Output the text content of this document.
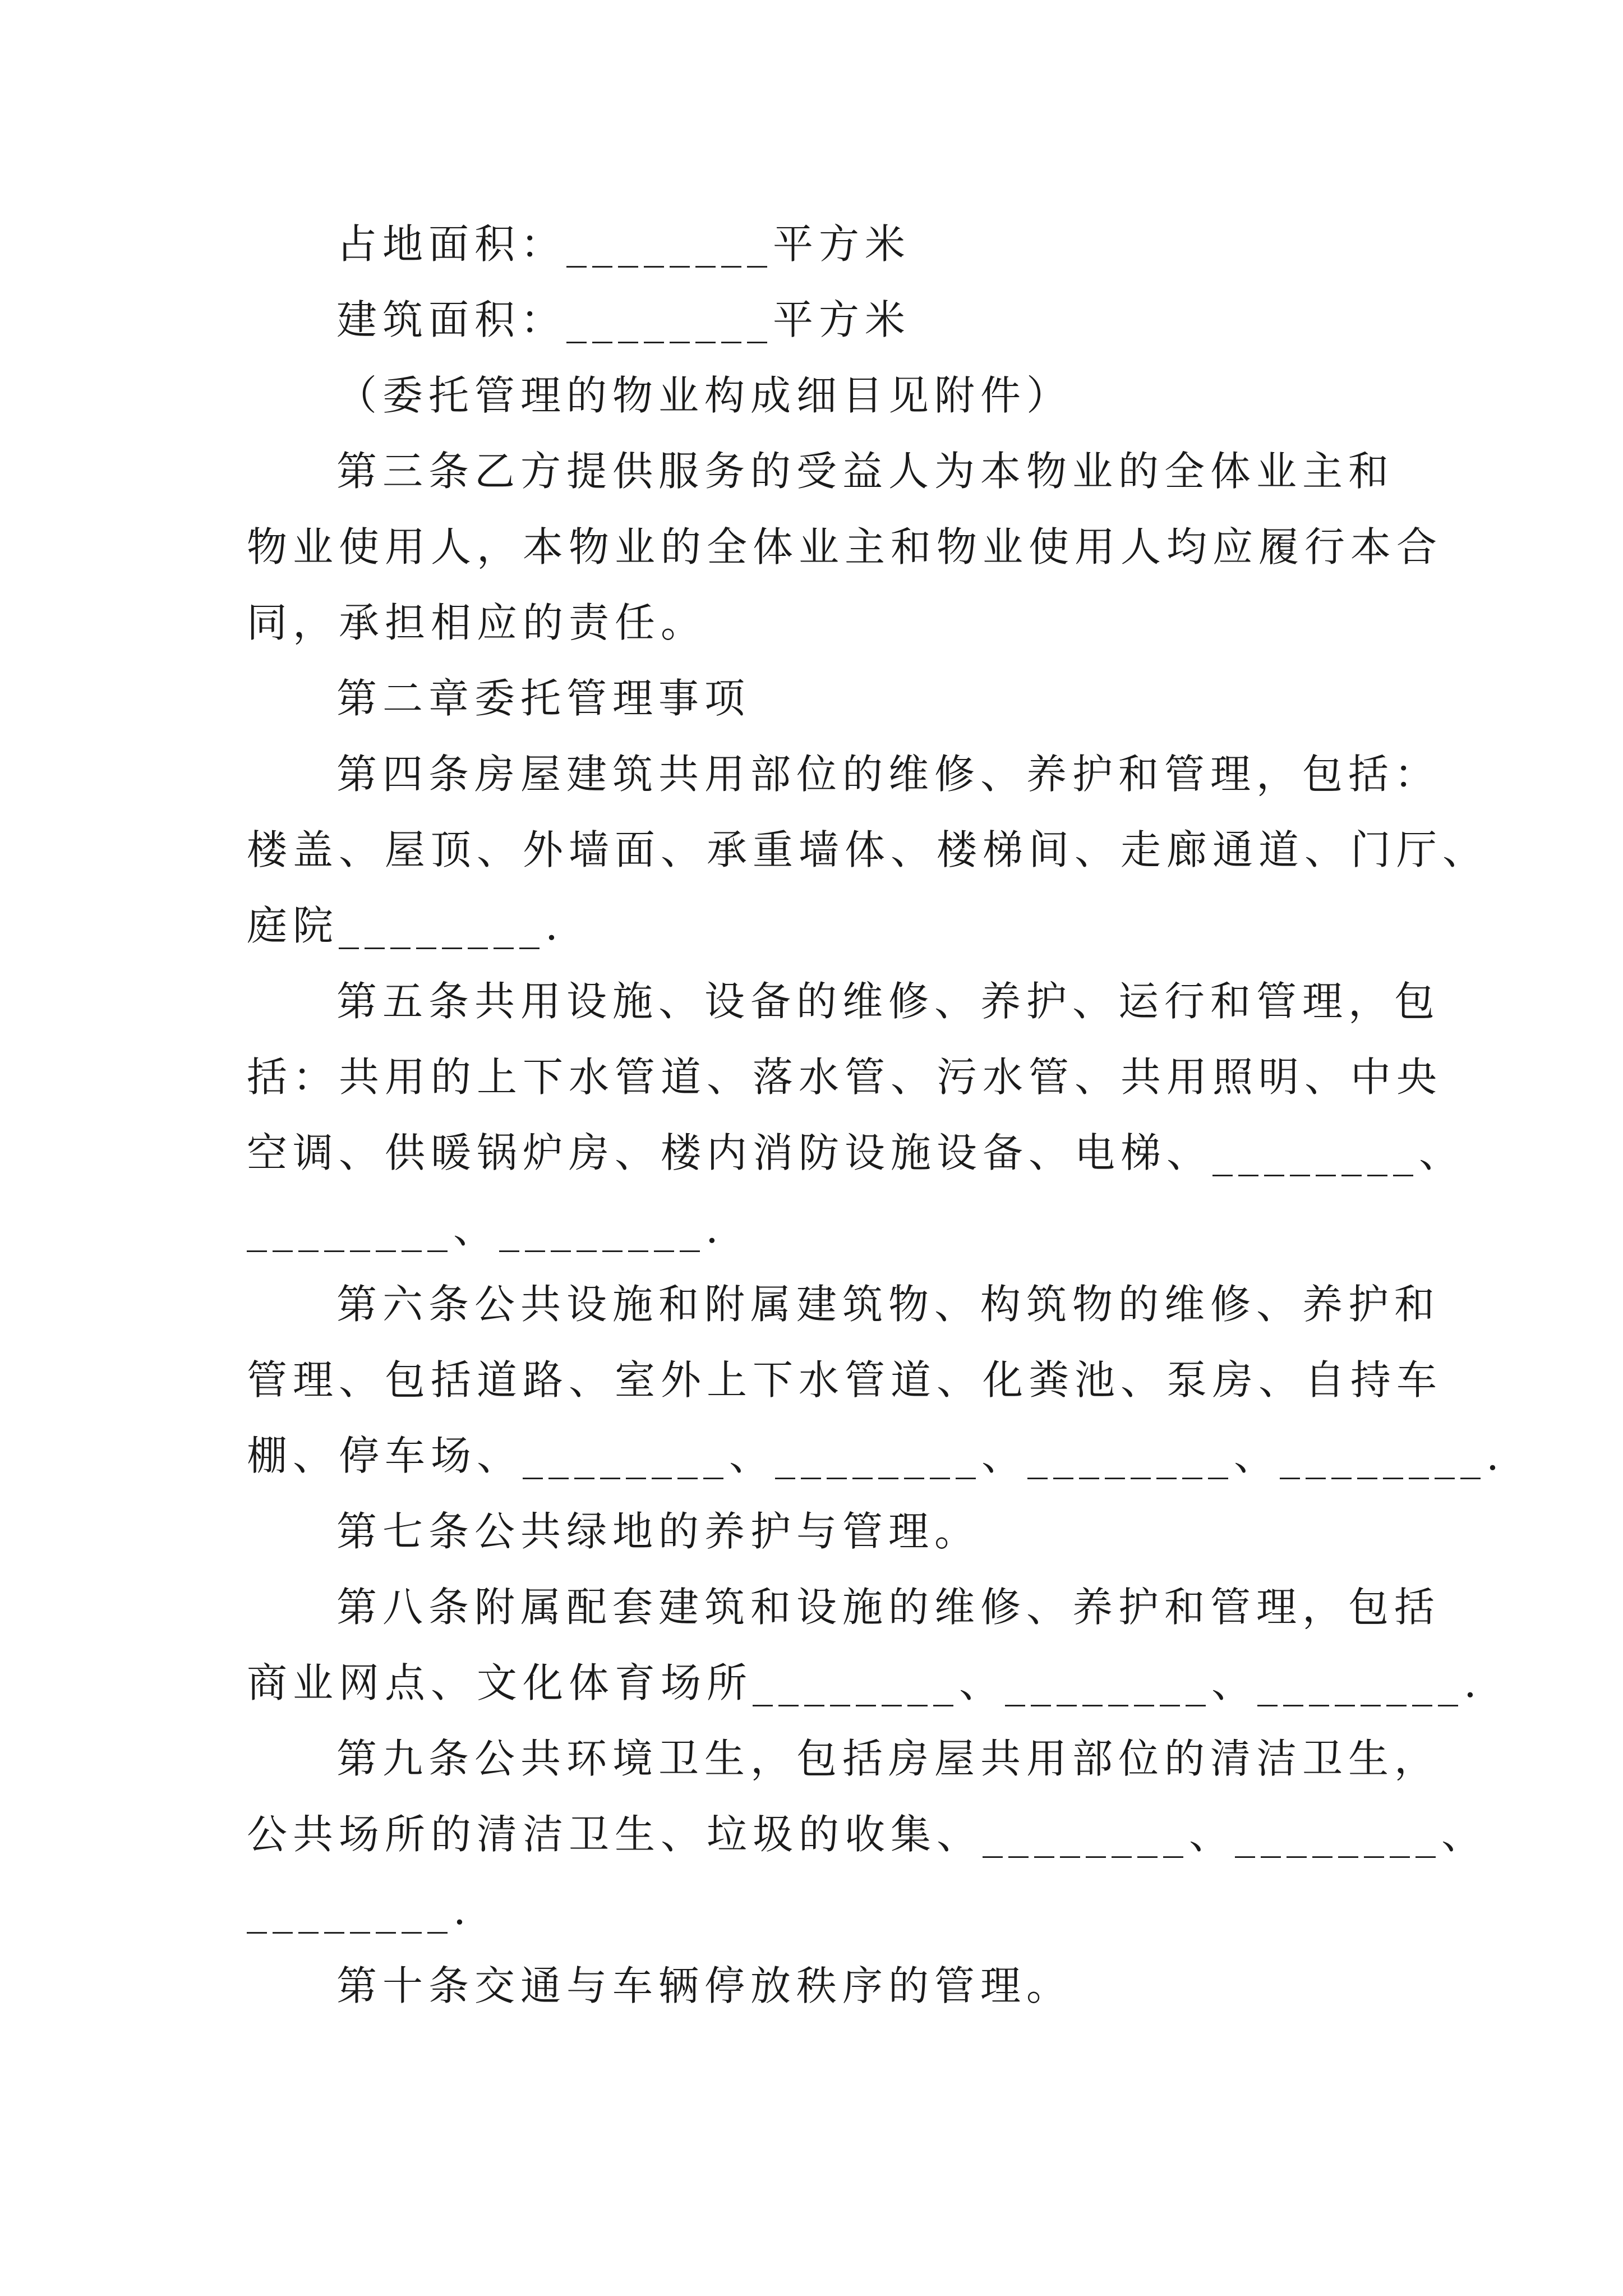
占地面积：________平方米
建筑面积：________平方米
（委托管理的物业构成细目见附件）
第三条乙方提供服务的受益人为本物业的全体业主和
物业使用人，本物业的全体业主和物业使用人均应履行本合
同，承担相应的责任。
第二章委托管理事项
第四条房屋建筑共用部位的维修、养护和管理，包括：
楼盖、屋顶、外墙面、承重墙体、楼梯间、走廊通道、门厅、
庭院________.
第五条共用设施、设备的维修、养护、运行和管理，包
括：共用的上下水管道、落水管、污水管、共用照明、中央
空调、供暖锅炉房、楼内消防设施设备、电梯、________、
________、________.
第六条公共设施和附属建筑物、构筑物的维修、养护和
管理、包括道路、室外上下水管道、化粪池、泵房、自持车
棚、停车场、________、________、________、________.
第七条公共绿地的养护与管理。
第八条附属配套建筑和设施的维修、养护和管理，包括
商业网点、文化体育场所________、________、________.
第九条公共环境卫生，包括房屋共用部位的清洁卫生，
公共场所的清洁卫生、垃圾的收集、________、________、
________.
第十条交通与车辆停放秩序的管理。
